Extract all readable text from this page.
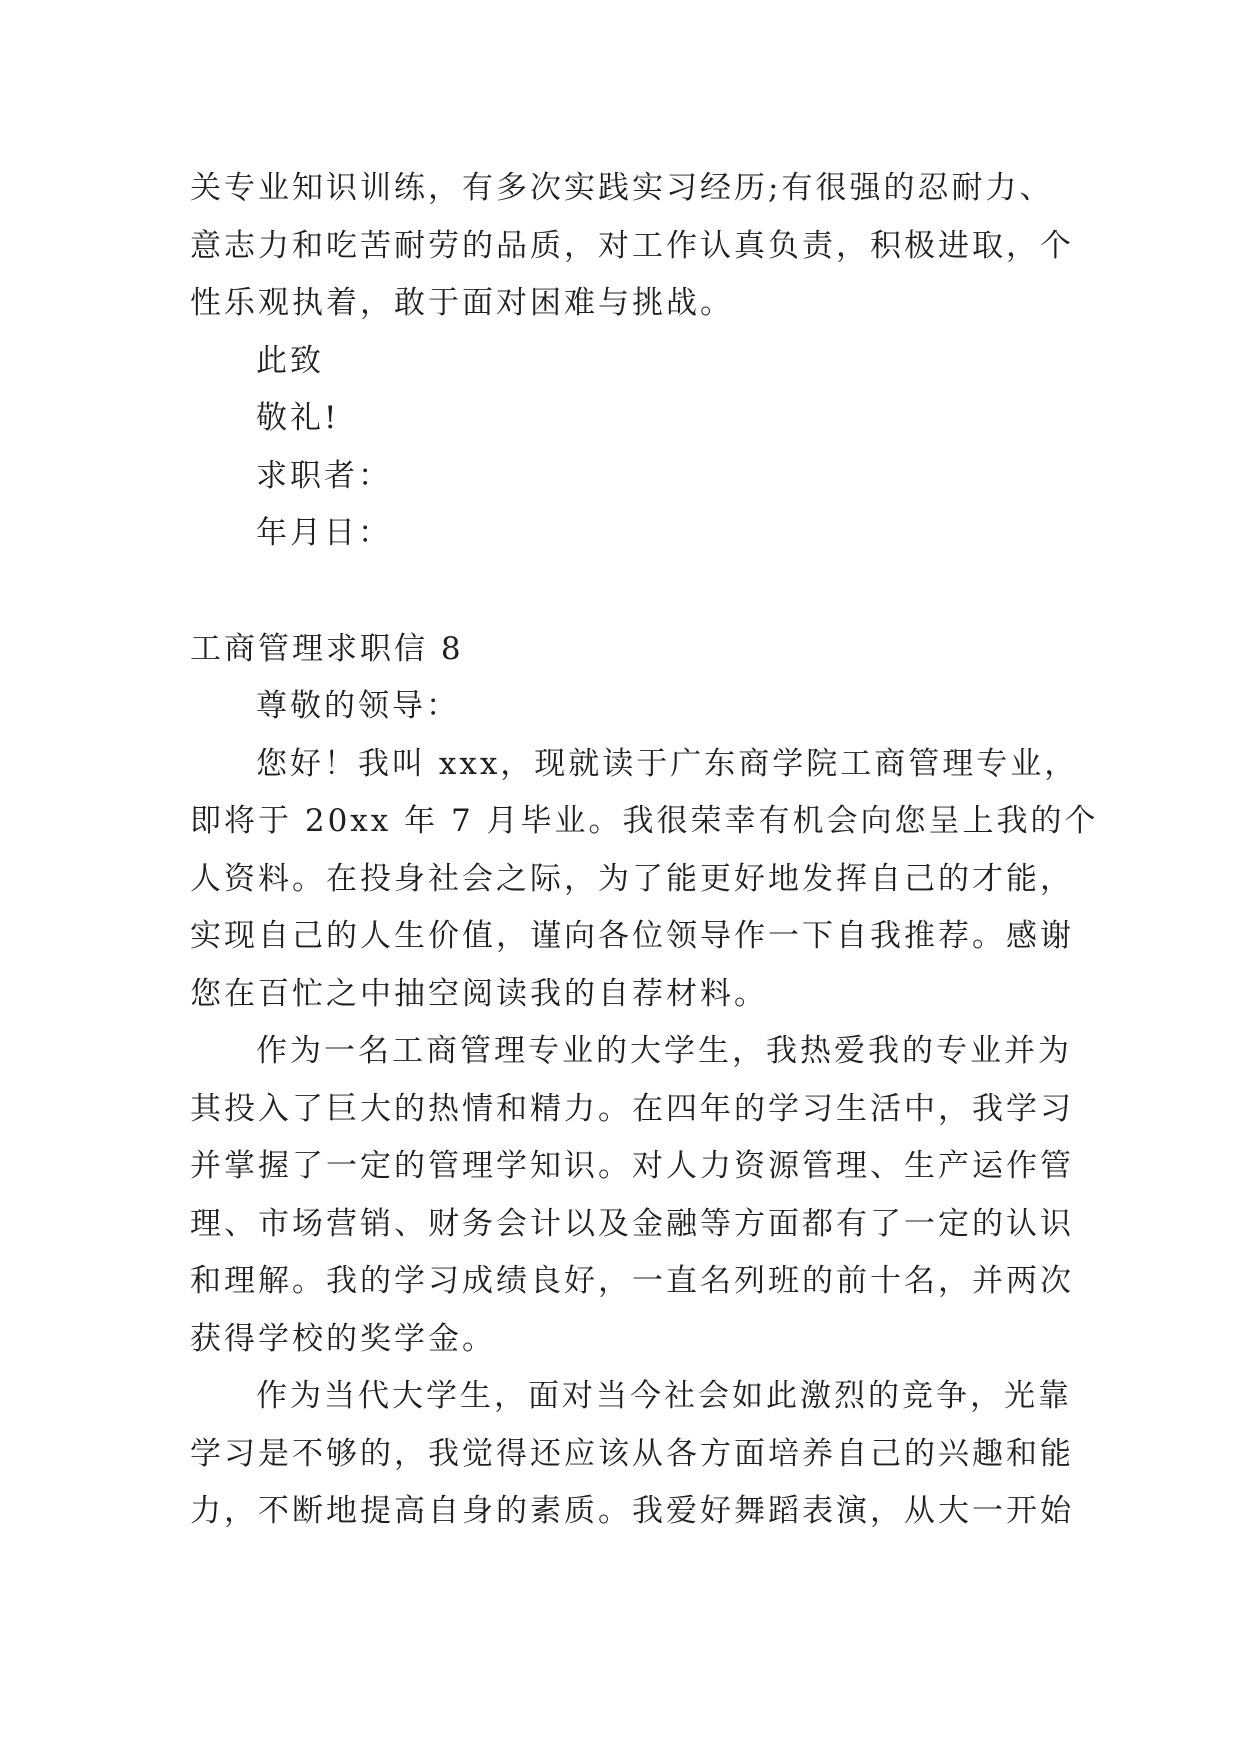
关专业知识训练，有多次实践实习经历;有很强的忍耐力、
意志力和吃苦耐劳的品质，对工作认真负责，积极进取，个
性乐观执着，敢于面对困难与挑战。
此致
敬礼!
求职者：
年月日：
工商管理求职信 8
尊敬的领导：
您好！我叫 xxx，现就读于广东商学院工商管理专业，
即将于 20xx 年 7 月毕业。我很荣幸有机会向您呈上我的个
人资料。在投身社会之际，为了能更好地发挥自己的才能，
实现自己的人生价值，谨向各位领导作一下自我推荐。感谢
您在百忙之中抽空阅读我的自荐材料。
作为一名工商管理专业的大学生，我热爱我的专业并为
其投入了巨大的热情和精力。在四年的学习生活中，我学习
并掌握了一定的管理学知识。对人力资源管理、生产运作管
理、市场营销、财务会计以及金融等方面都有了一定的认识
和理解。我的学习成绩良好，一直名列班的前十名，并两次
获得学校的奖学金。
作为当代大学生，面对当今社会如此激烈的竞争，光靠
学习是不够的，我觉得还应该从各方面培养自己的兴趣和能
力，不断地提高自身的素质。我爱好舞蹈表演，从大一开始
